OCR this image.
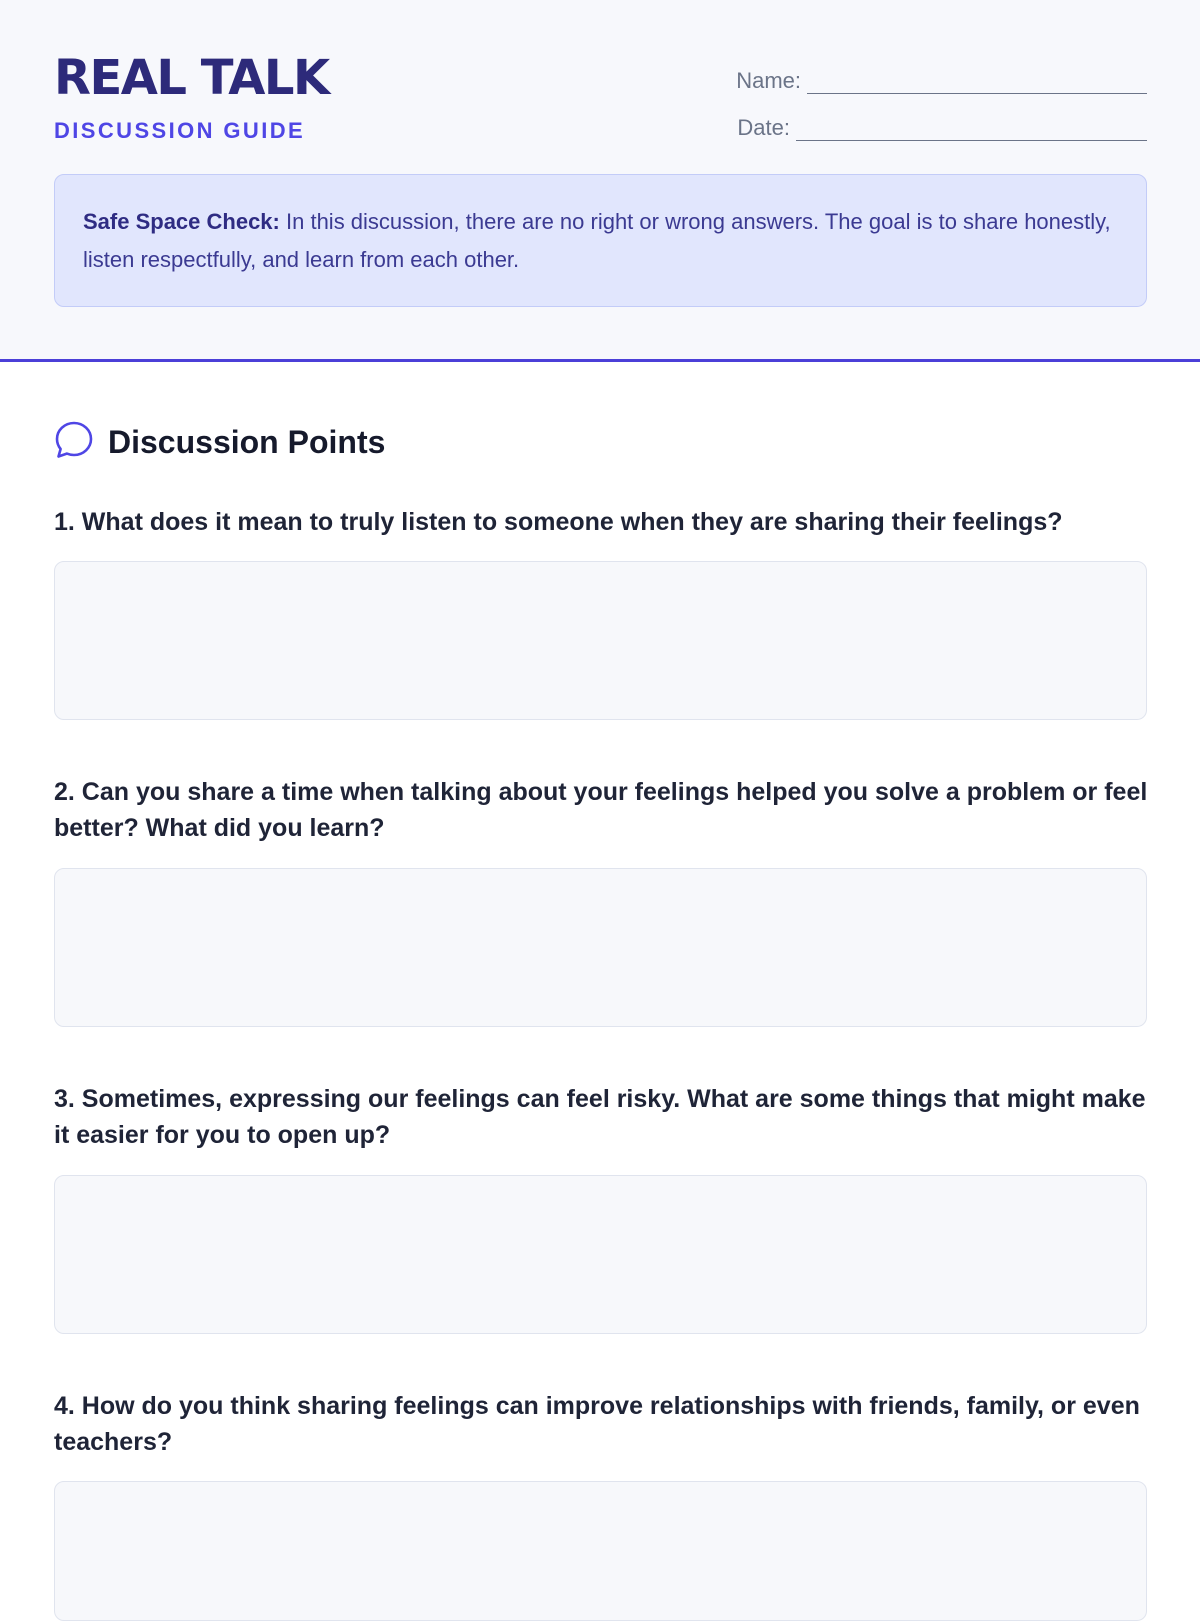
REAL TALK
DISCUSSION GUIDE
Name:
Date:
Safe Space Check: In this discussion, there are no right or wrong answers. The goal is to share honestly, listen respectfully, and learn from each other.
Discussion Points
1. What does it mean to truly listen to someone when they are sharing their feelings?
2. Can you share a time when talking about your feelings helped you solve a problem or feel better? What did you learn?
3. Sometimes, expressing our feelings can feel risky. What are some things that might make it easier for you to open up?
4. How do you think sharing feelings can improve relationships with friends, family, or even teachers?
